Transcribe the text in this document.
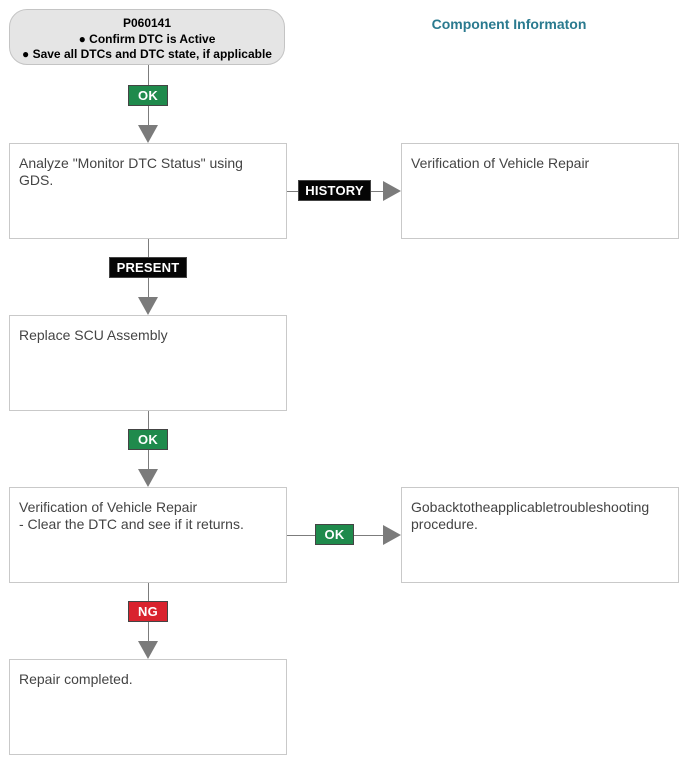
P060141
● Confirm DTC is Active
● Save all DTCs and DTC state, if applicable
Component Informaton
OK
Analyze "Monitor DTC Status" using GDS.
HISTORY
Verification of Vehicle Repair
PRESENT
Replace SCU Assembly
OK
Verification of Vehicle Repair
- Clear the DTC and see if it returns.
OK
Gobacktotheapplicabletroubleshooting procedure.
NG
Repair completed.
